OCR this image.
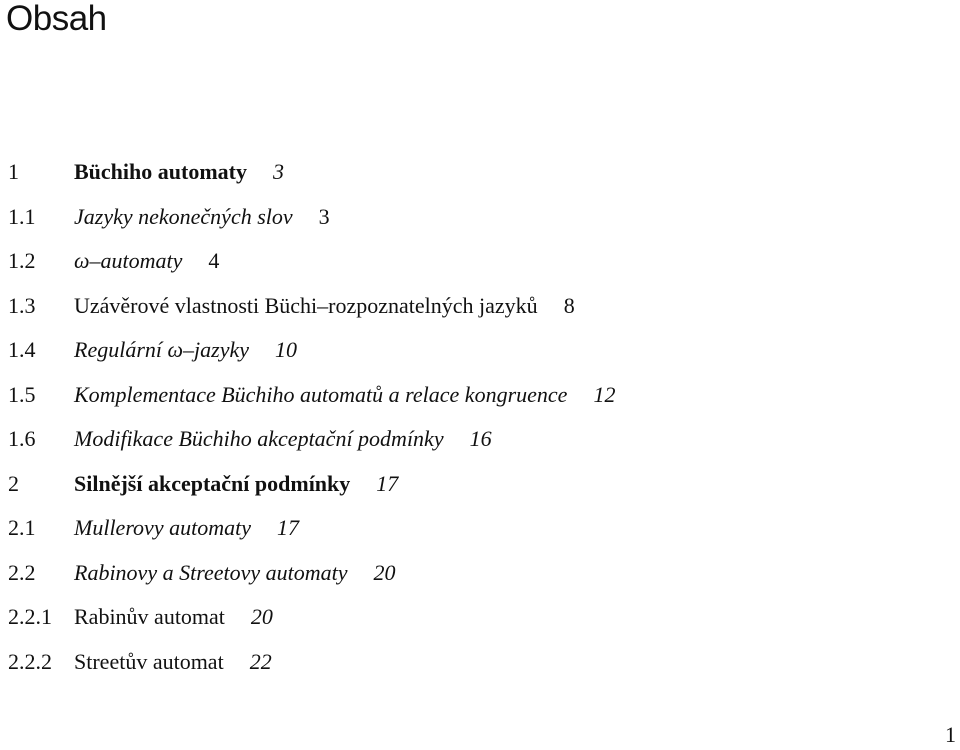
Obsah
1	Büchiho automaty 3
1.1	Jazyky nekonečných slov 3
1.2	ω–automaty 4
1.3	Uzávěrové vlastnosti Büchi–rozpoznatelných jazyků 8
1.4	Regulární ω–jazyky 10
1.5	Komplementace Büchiho automatů a relace kongruence 12
1.6	Modifikace Büchiho akceptační podmínky 16
2	Silnější akceptační podmínky 17
2.1	Mullerovy automaty 17
2.2	Rabinovy a Streetovy automaty 20
2.2.1	Rabinův automat 20
2.2.2	Streetův automat 22
1
